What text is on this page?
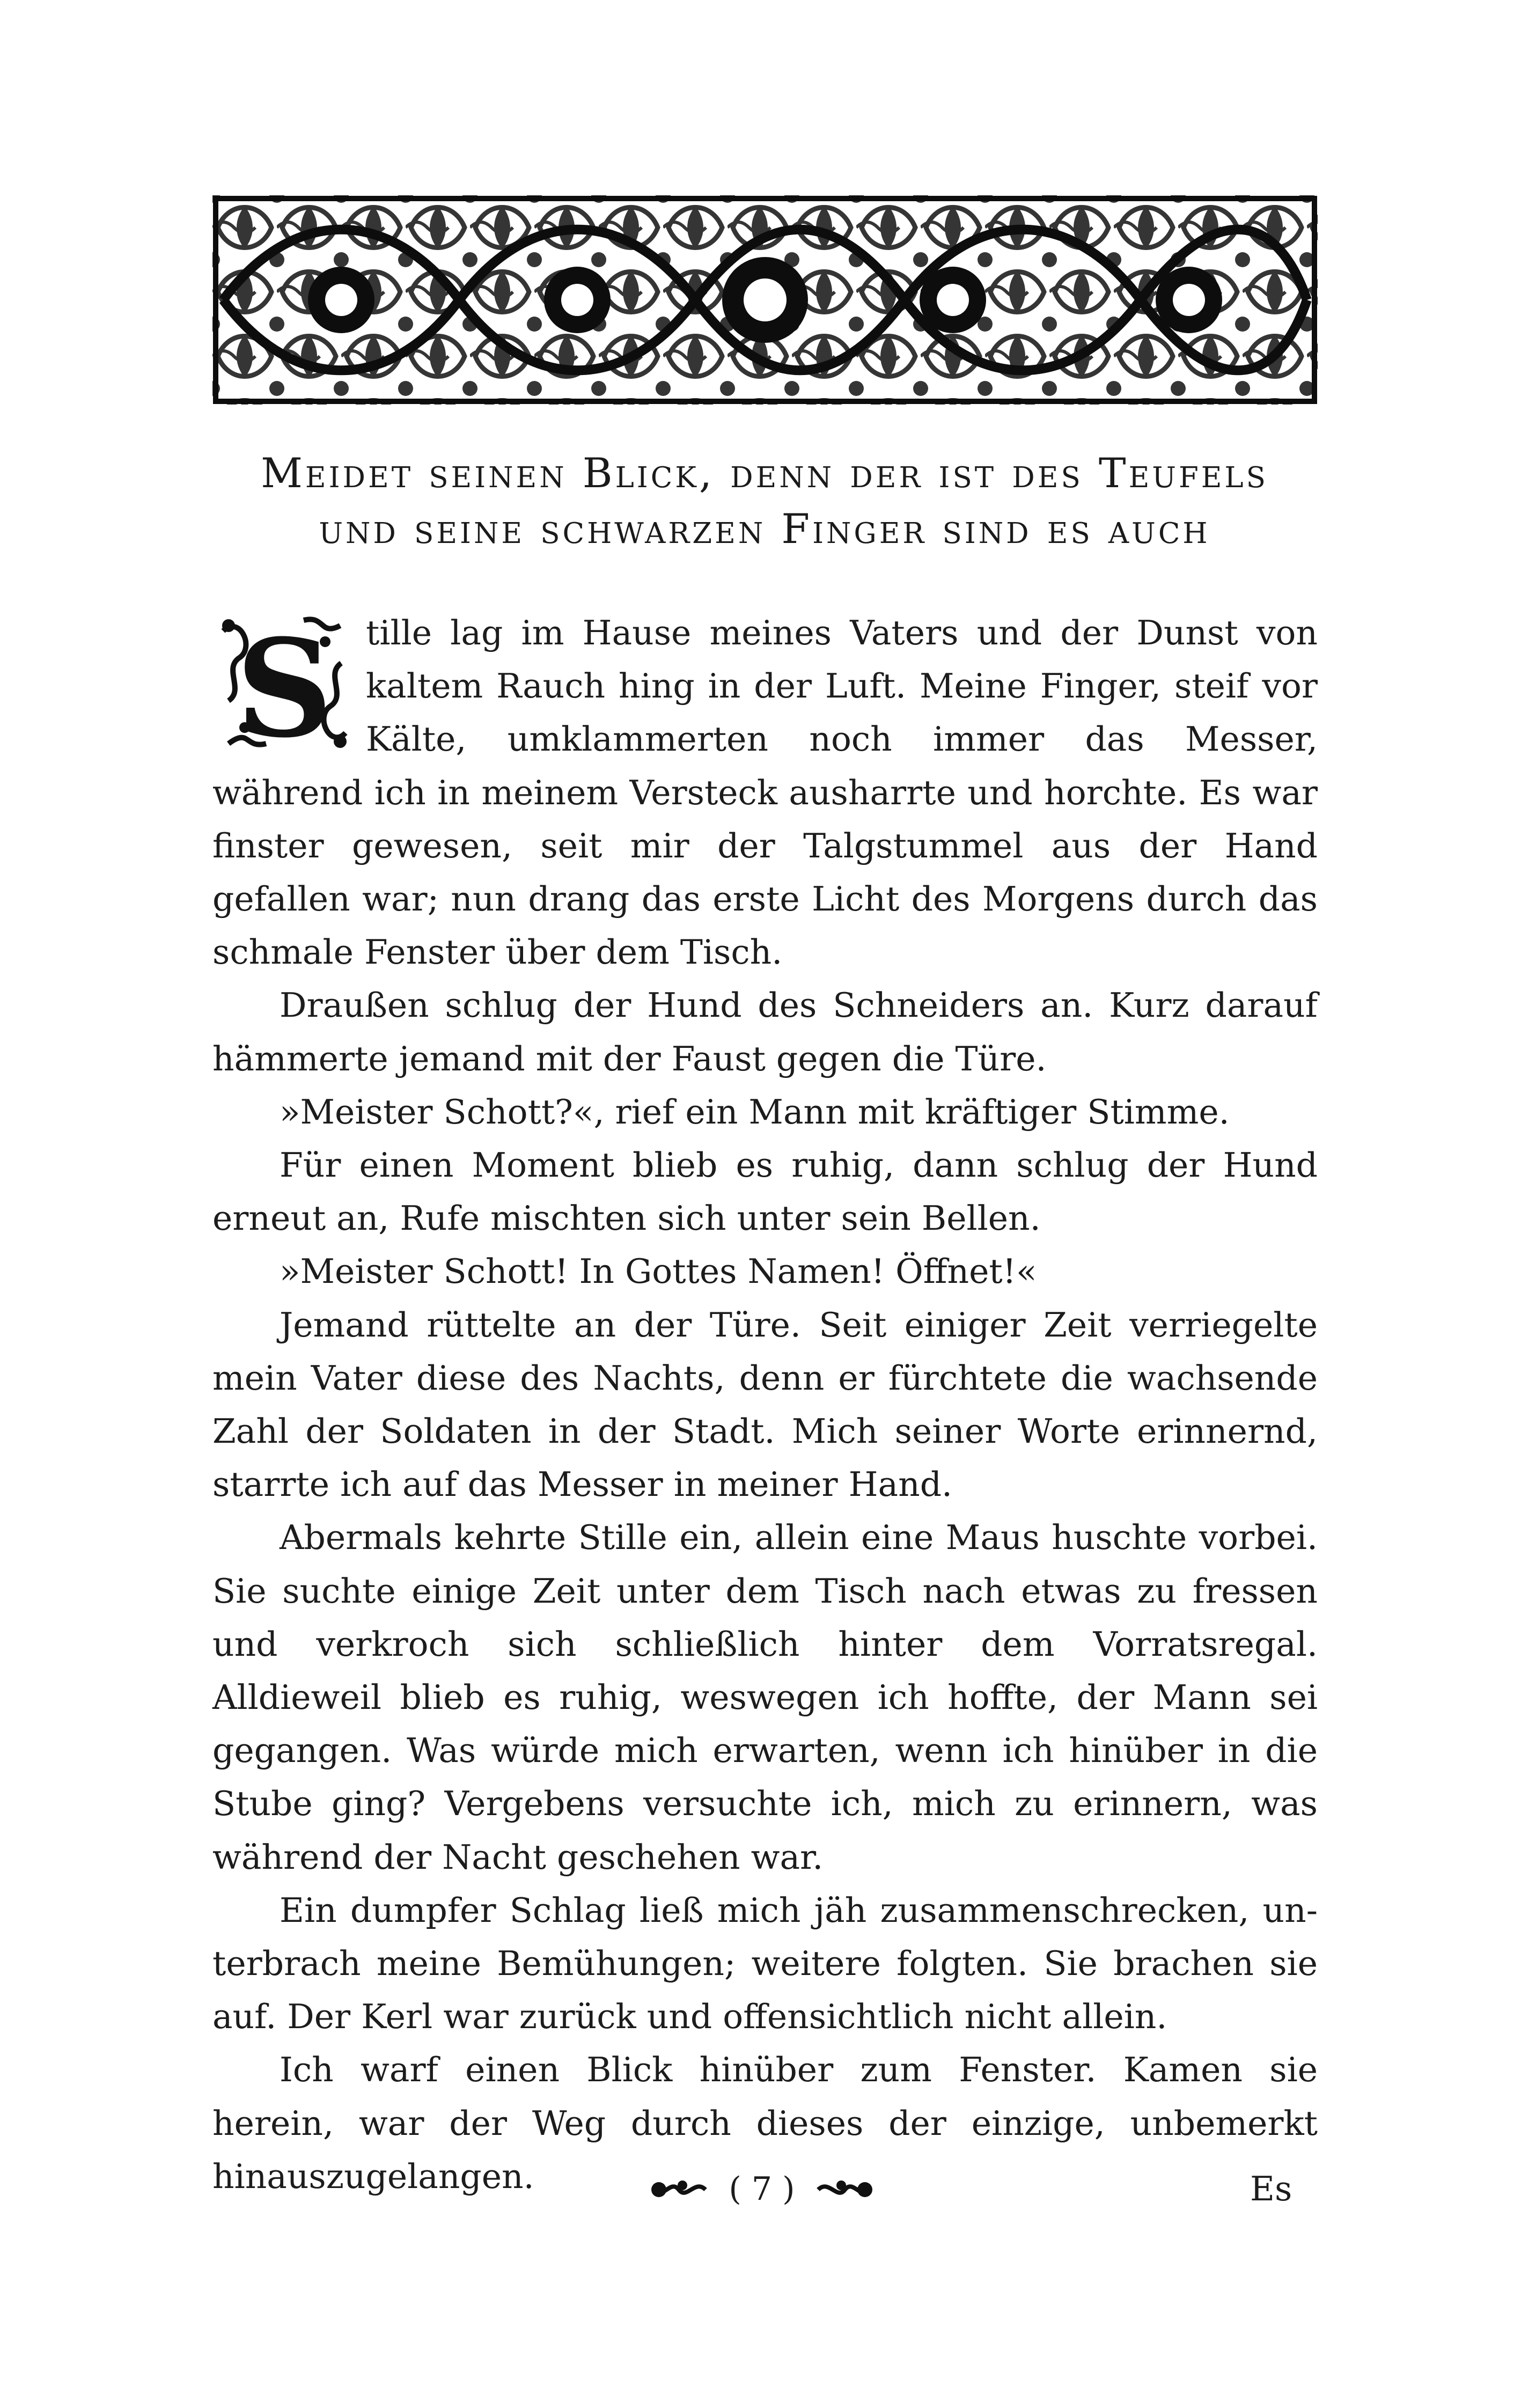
Meidet seinen Blick, denn der ist des Teufels
und seine schwarzen Finger sind es auch

S tille lag im Hause meines Vaters und der Dunst von kaltem Rauch hing in der Luft. Meine Finger, steif vor Kälte, umklammerten noch immer das Messer, während ich in meinem Versteck ausharrte und horchte. Es war finster gewesen, seit mir der Talgstummel aus der Hand gefallen war; nun drang das erste Licht des Morgens durch das schmale Fenster über dem Tisch.

Draußen schlug der Hund des Schneiders an. Kurz darauf hämmerte jemand mit der Faust gegen die Türe.

»Meister Schott?«, rief ein Mann mit kräftiger Stimme.

Für einen Moment blieb es ruhig, dann schlug der Hund erneut an, Rufe mischten sich unter sein Bellen.

»Meister Schott! In Gottes Namen! Öffnet!«

Jemand rüttelte an der Türe. Seit einiger Zeit verriegelte mein Vater diese des Nachts, denn er fürchtete die wachsende Zahl der Soldaten in der Stadt. Mich seiner Worte erinnernd, starrte ich auf das Messer in meiner Hand.

Abermals kehrte Stille ein, allein eine Maus huschte vorbei. Sie suchte einige Zeit unter dem Tisch nach etwas zu fressen und verkroch sich schließlich hinter dem Vorratsregal. Alldieweil blieb es ruhig, weswegen ich hoffte, der Mann sei gegangen. Was würde mich erwarten, wenn ich hinüber in die Stube ging? Vergebens versuchte ich, mich zu erinnern, was während der Nacht geschehen war.

Ein dumpfer Schlag ließ mich jäh zusammenschrecken, unterbrach meine Bemühungen; weitere folgten. Sie brachen sie auf. Der Kerl war zurück und offensichtlich nicht allein.

Ich warf einen Blick hinüber zum Fenster. Kamen sie herein, war der Weg durch dieses der einzige, unbemerkt hinauszugelangen.	( 7 )	Es
